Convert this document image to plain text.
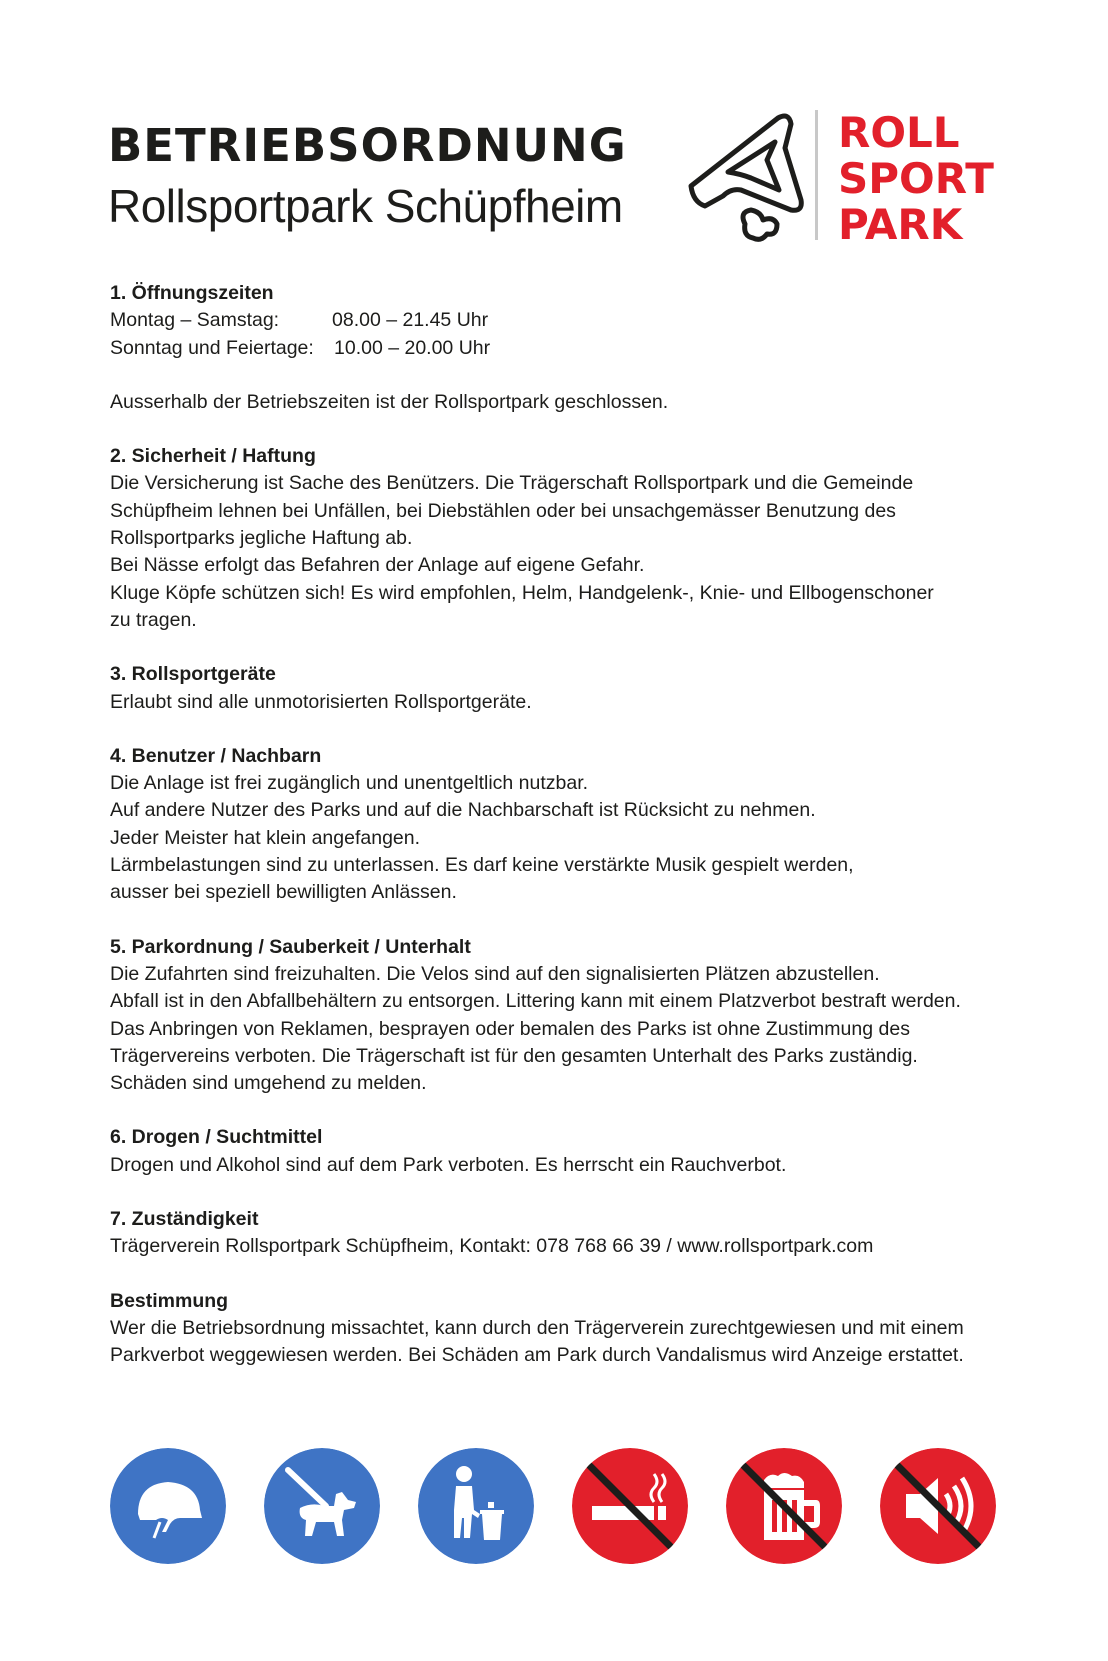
BETRIEBSORDNUNG
Rollsportpark Schüpfheim
ROLL
SPORT
PARK
1. Öffnungszeiten
Montag – Samstag:	08.00 – 21.45 Uhr
Sonntag und Feiertage:	10.00 – 20.00 Uhr

Ausserhalb der Betriebszeiten ist der Rollsportpark geschlossen.

2. Sicherheit / Haftung

Die Versicherung ist Sache des Benützers. Die Trägerschaft Rollsportpark und die Gemeinde
Schüpfheim lehnen bei Unfällen, bei Diebstählen oder bei unsachgemässer Benutzung des
Rollsportparks jegliche Haftung ab.
Bei Nässe erfolgt das Befahren der Anlage auf eigene Gefahr.
Kluge Köpfe schützen sich! Es wird empfohlen, Helm, Handgelenk-, Knie- und Ellbogenschoner
zu tragen.

3. Rollsportgeräte

Erlaubt sind alle unmotorisierten Rollsportgeräte.

4. Benutzer / Nachbarn

Die Anlage ist frei zugänglich und unentgeltlich nutzbar.
Auf andere Nutzer des Parks und auf die Nachbarschaft ist Rücksicht zu nehmen.
Jeder Meister hat klein angefangen.
Lärmbelastungen sind zu unterlassen. Es darf keine verstärkte Musik gespielt werden,
ausser bei speziell bewilligten Anlässen.

5. Parkordnung / Sauberkeit / Unterhalt

Die Zufahrten sind freizuhalten. Die Velos sind auf den signalisierten Plätzen abzustellen.
Abfall ist in den Abfallbehältern zu entsorgen. Littering kann mit einem Platzverbot bestraft werden.
Das Anbringen von Reklamen, besprayen oder bemalen des Parks ist ohne Zustimmung des
Trägervereins verboten. Die Trägerschaft ist für den gesamten Unterhalt des Parks zuständig.
Schäden sind umgehend zu melden.

6. Drogen / Suchtmittel

Drogen und Alkohol sind auf dem Park verboten. Es herrscht ein Rauchverbot.

7. Zuständigkeit

Trägerverein Rollsportpark Schüpfheim, Kontakt: 078 768 66 39 / www.rollsportpark.com

Bestimmung

Wer die Betriebsordnung missachtet, kann durch den Trägerverein zurechtgewiesen und mit einem
Parkverbot weggewiesen werden. Bei Schäden am Park durch Vandalismus wird Anzeige erstattet.
